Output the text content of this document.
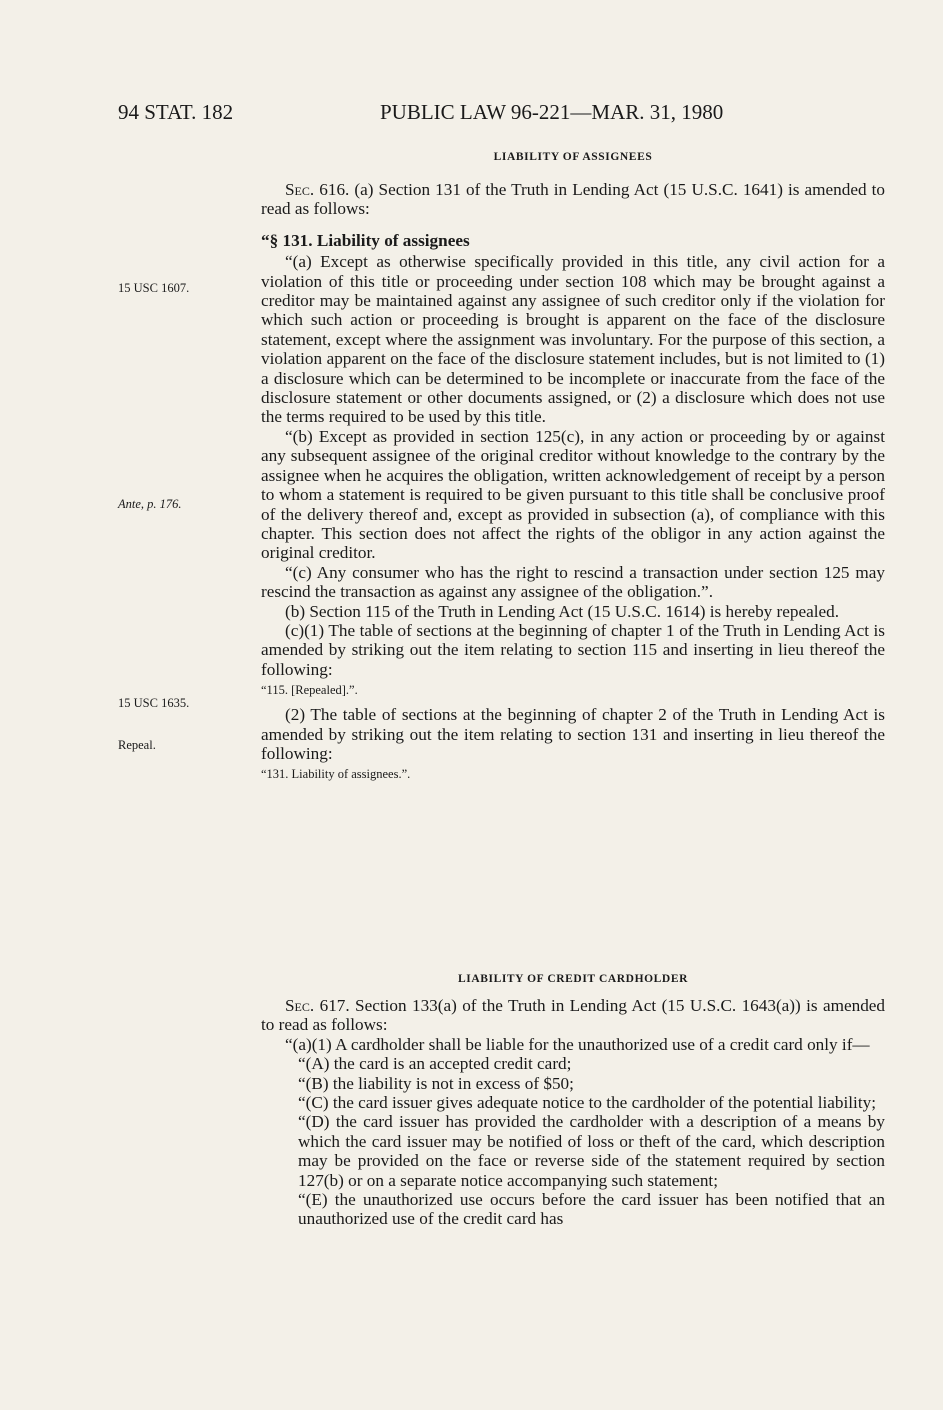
94 STAT. 182	PUBLIC LAW 96-221—MAR. 31, 1980
LIABILITY OF ASSIGNEES

Sec. 616. (a) Section 131 of the Truth in Lending Act (15 U.S.C. 1641) is amended to read as follows:

“§ 131. Liability of assignees

“(a) Except as otherwise specifically provided in this title, any civil action for a violation of this title or proceeding under section 108 which may be brought against a creditor may be maintained against any assignee of such creditor only if the violation for which such action or proceeding is brought is apparent on the face of the disclosure statement, except where the assignment was involuntary. For the purpose of this section, a violation apparent on the face of the disclosure statement includes, but is not limited to (1) a disclosure which can be determined to be incomplete or inaccurate from the face of the disclosure statement or other documents assigned, or (2) a disclosure which does not use the terms required to be used by this title.

“(b) Except as provided in section 125(c), in any action or proceeding by or against any subsequent assignee of the original creditor without knowledge to the contrary by the assignee when he acquires the obligation, written acknowledgement of receipt by a person to whom a statement is required to be given pursuant to this title shall be conclusive proof of the delivery thereof and, except as provided in subsection (a), of compliance with this chapter. This section does not affect the rights of the obligor in any action against the original creditor.

“(c) Any consumer who has the right to rescind a transaction under section 125 may rescind the transaction as against any assignee of the obligation.”.

(b) Section 115 of the Truth in Lending Act (15 U.S.C. 1614) is hereby repealed.

(c)(1) The table of sections at the beginning of chapter 1 of the Truth in Lending Act is amended by striking out the item relating to section 115 and inserting in lieu thereof the following:

“115. [Repealed].”.

(2) The table of sections at the beginning of chapter 2 of the Truth in Lending Act is amended by striking out the item relating to section 131 and inserting in lieu thereof the following:

“131. Liability of assignees.”.

LIABILITY OF CREDIT CARDHOLDER

Sec. 617. Section 133(a) of the Truth in Lending Act (15 U.S.C. 1643(a)) is amended to read as follows:

“(a)(1) A cardholder shall be liable for the unauthorized use of a credit card only if—

“(A) the card is an accepted credit card;

“(B) the liability is not in excess of $50;

“(C) the card issuer gives adequate notice to the cardholder of the potential liability;

“(D) the card issuer has provided the cardholder with a description of a means by which the card issuer may be notified of loss or theft of the card, which description may be provided on the face or reverse side of the statement required by section 127(b) or on a separate notice accompanying such statement;

“(E) the unauthorized use occurs before the card issuer has been notified that an unauthorized use of the credit card has

15 USC 1607.
Ante, p. 176.
15 USC 1635.
Repeal.
